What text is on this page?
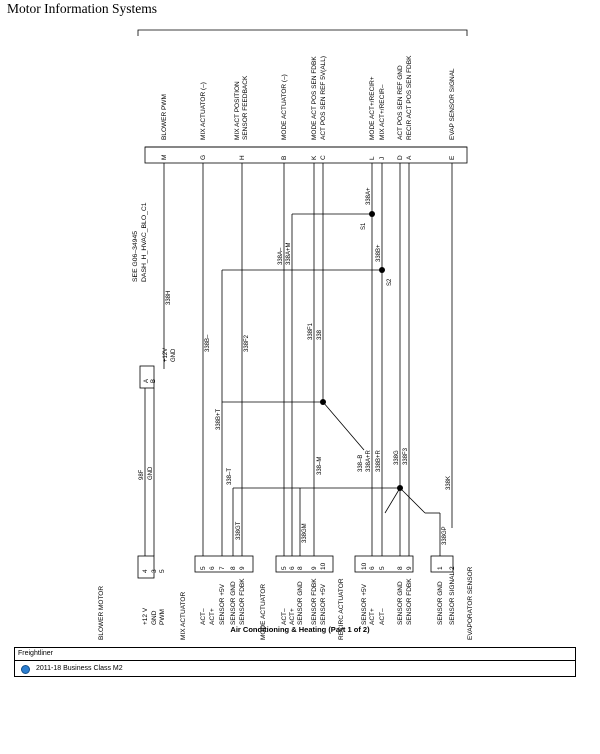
Motor Information Systems
M
BLOWER PWM
G
MIX ACTUATOR (–)
H
MIX ACT POSITION SENSOR FEEDBACK
B
MODE ACTUATOR (–)
K
MODE ACT POS SEN FDBK
C
ACT POS SEN REF 5V(ALL)
L
MODE ACT+/RECIR+
J
MIX ACT+/RECIR–
D
ACT POS SEN REF GND
A
RECIR ACT POS SEN FDBK
E
EVAP SENSOR SIGNAL
338H
338B–	338F2
338A– 338A+M
338F1 338
338A+
338B+
S1
S2
338B+T
98F GND	338–T
338GT
338–M
338GM
338–B 338A+R 338B+R 338G 338F3
338K
338GP
SEE G06–34945 DASH_H_HVAC_BLO_C1
A B
+12V GND
BLOWER MOTOR
4
+12 V
3
GND
5
PWM MIX ACTUATOR
5
ACT–
6
ACT+
7
SENSOR +5V
8
SENSOR GND
9
SENSOR FDBK MODE ACTUATOR
5
ACT–
6
ACT+
8
SENSOR GND
9
SENSOR FDBK
10
SENSOR +5V RECIRC ACTUATOR
10
SENSOR +5V
6
ACT+
5
ACT–
8
SENSOR GND
9
SENSOR FDBK	EVAPORATOR SENSOR
1
SENSOR GND
2
SENSOR SIGNAL
Air Conditioning & Heating (Part 1 of 2)
Freightliner
2011-18 Business Class M2
